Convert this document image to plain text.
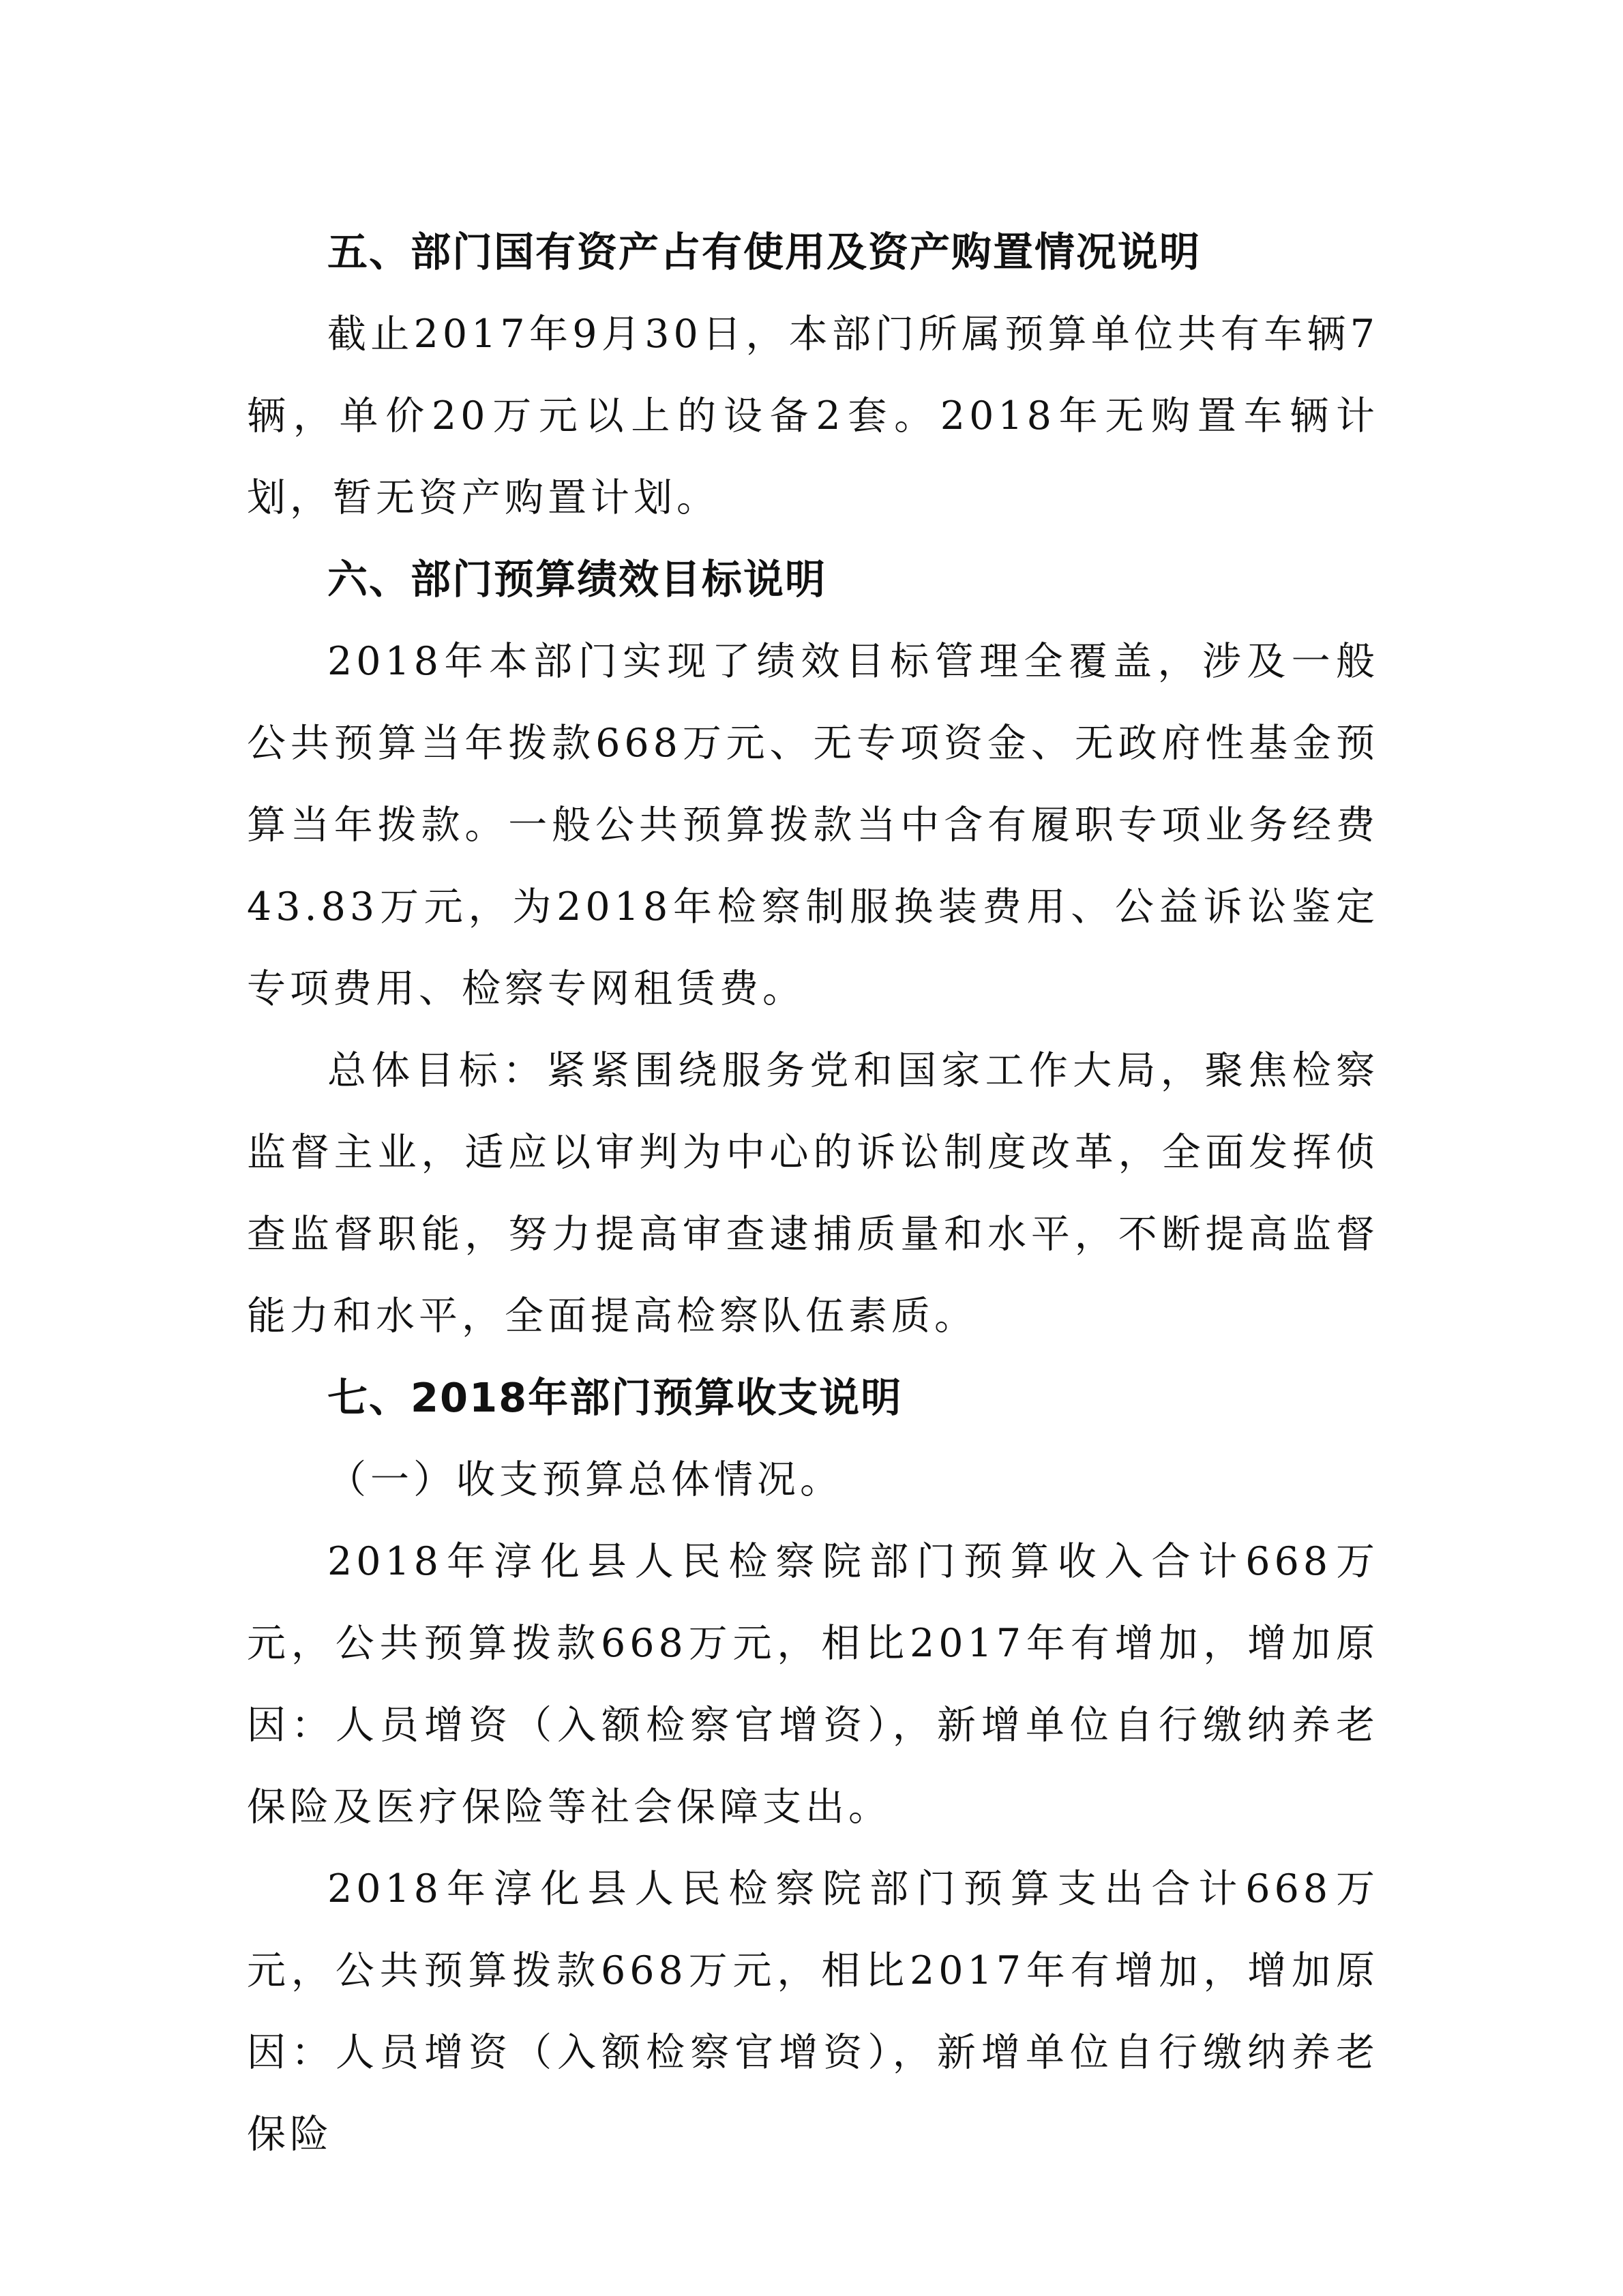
五、部门国有资产占有使用及资产购置情况说明

截止2017年9月30日，本部门所属预算单位共有车辆7辆，单价20万元以上的设备2套。2018年无购置车辆计划，暂无资产购置计划。

六、部门预算绩效目标说明

2018年本部门实现了绩效目标管理全覆盖，涉及一般公共预算当年拨款668万元、无专项资金、无政府性基金预算当年拨款。一般公共预算拨款当中含有履职专项业务经费43.83万元，为2018年检察制服换装费用、公益诉讼鉴定专项费用、检察专网租赁费。

总体目标：紧紧围绕服务党和国家工作大局，聚焦检察监督主业，适应以审判为中心的诉讼制度改革，全面发挥侦查监督职能，努力提高审查逮捕质量和水平，不断提高监督能力和水平，全面提高检察队伍素质。

七、2018年部门预算收支说明
（一）收支预算总体情况。

2018年淳化县人民检察院部门预算收入合计668万元，公共预算拨款668万元，相比2017年有增加，增加原因：人员增资（入额检察官增资），新增单位自行缴纳养老保险及医疗保险等社会保障支出。

2018年淳化县人民检察院部门预算支出合计668万元，公共预算拨款668万元，相比2017年有增加，增加原因：人员增资（入额检察官增资），新增单位自行缴纳养老保险
